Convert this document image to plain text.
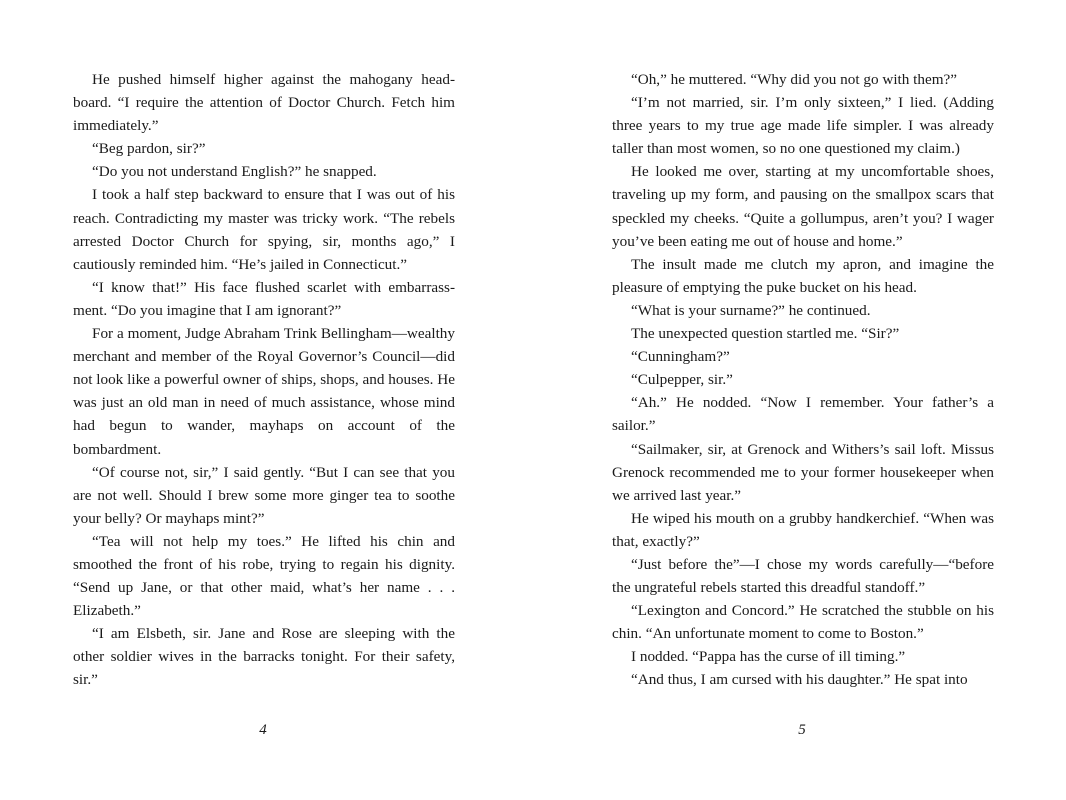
He pushed himself higher against the mahogany headboard. “I require the attention of Doctor Church. Fetch him immediately.”

“Beg pardon, sir?”

“Do you not understand English?” he snapped.

I took a half step backward to ensure that I was out of his reach. Contradicting my master was tricky work. “The rebels arrested Doctor Church for spying, sir, months ago,” I cautiously reminded him. “He’s jailed in Connecticut.”

“I know that!” His face flushed scarlet with embarrassment. “Do you imagine that I am ignorant?”

For a moment, Judge Abraham Trink Bellingham—wealthy merchant and member of the Royal Governor’s Council—did not look like a powerful owner of ships, shops, and houses. He was just an old man in need of much assistance, whose mind had begun to wander, mayhaps on account of the bombardment.

“Of course not, sir,” I said gently. “But I can see that you are not well. Should I brew some more ginger tea to soothe your belly? Or mayhaps mint?”

“Tea will not help my toes.” He lifted his chin and smoothed the front of his robe, trying to regain his dignity. “Send up Jane, or that other maid, what’s her name . . . Elizabeth.”

“I am Elsbeth, sir. Jane and Rose are sleeping with the other soldier wives in the barracks tonight. For their safety, sir.”

4

“Oh,” he muttered. “Why did you not go with them?”

“I’m not married, sir. I’m only sixteen,” I lied. (Adding three years to my true age made life simpler. I was already taller than most women, so no one questioned my claim.)

He looked me over, starting at my uncomfortable shoes, traveling up my form, and pausing on the smallpox scars that speckled my cheeks. “Quite a gollumpus, aren’t you? I wager you’ve been eating me out of house and home.”

The insult made me clutch my apron, and imagine the pleasure of emptying the puke bucket on his head.

“What is your surname?” he continued.

The unexpected question startled me. “Sir?”

“Cunningham?”

“Culpepper, sir.”

“Ah.” He nodded. “Now I remember. Your father’s a sailor.”

“Sailmaker, sir, at Grenock and Withers’s sail loft. Missus Grenock recommended me to your former housekeeper when we arrived last year.”

He wiped his mouth on a grubby handkerchief. “When was that, exactly?”

“Just before the”—I chose my words carefully—“before the ungrateful rebels started this dreadful standoff.”

“Lexington and Concord.” He scratched the stubble on his chin. “An unfortunate moment to come to Boston.”

I nodded. “Pappa has the curse of ill timing.”

“And thus, I am cursed with his daughter.” He spat into

5
